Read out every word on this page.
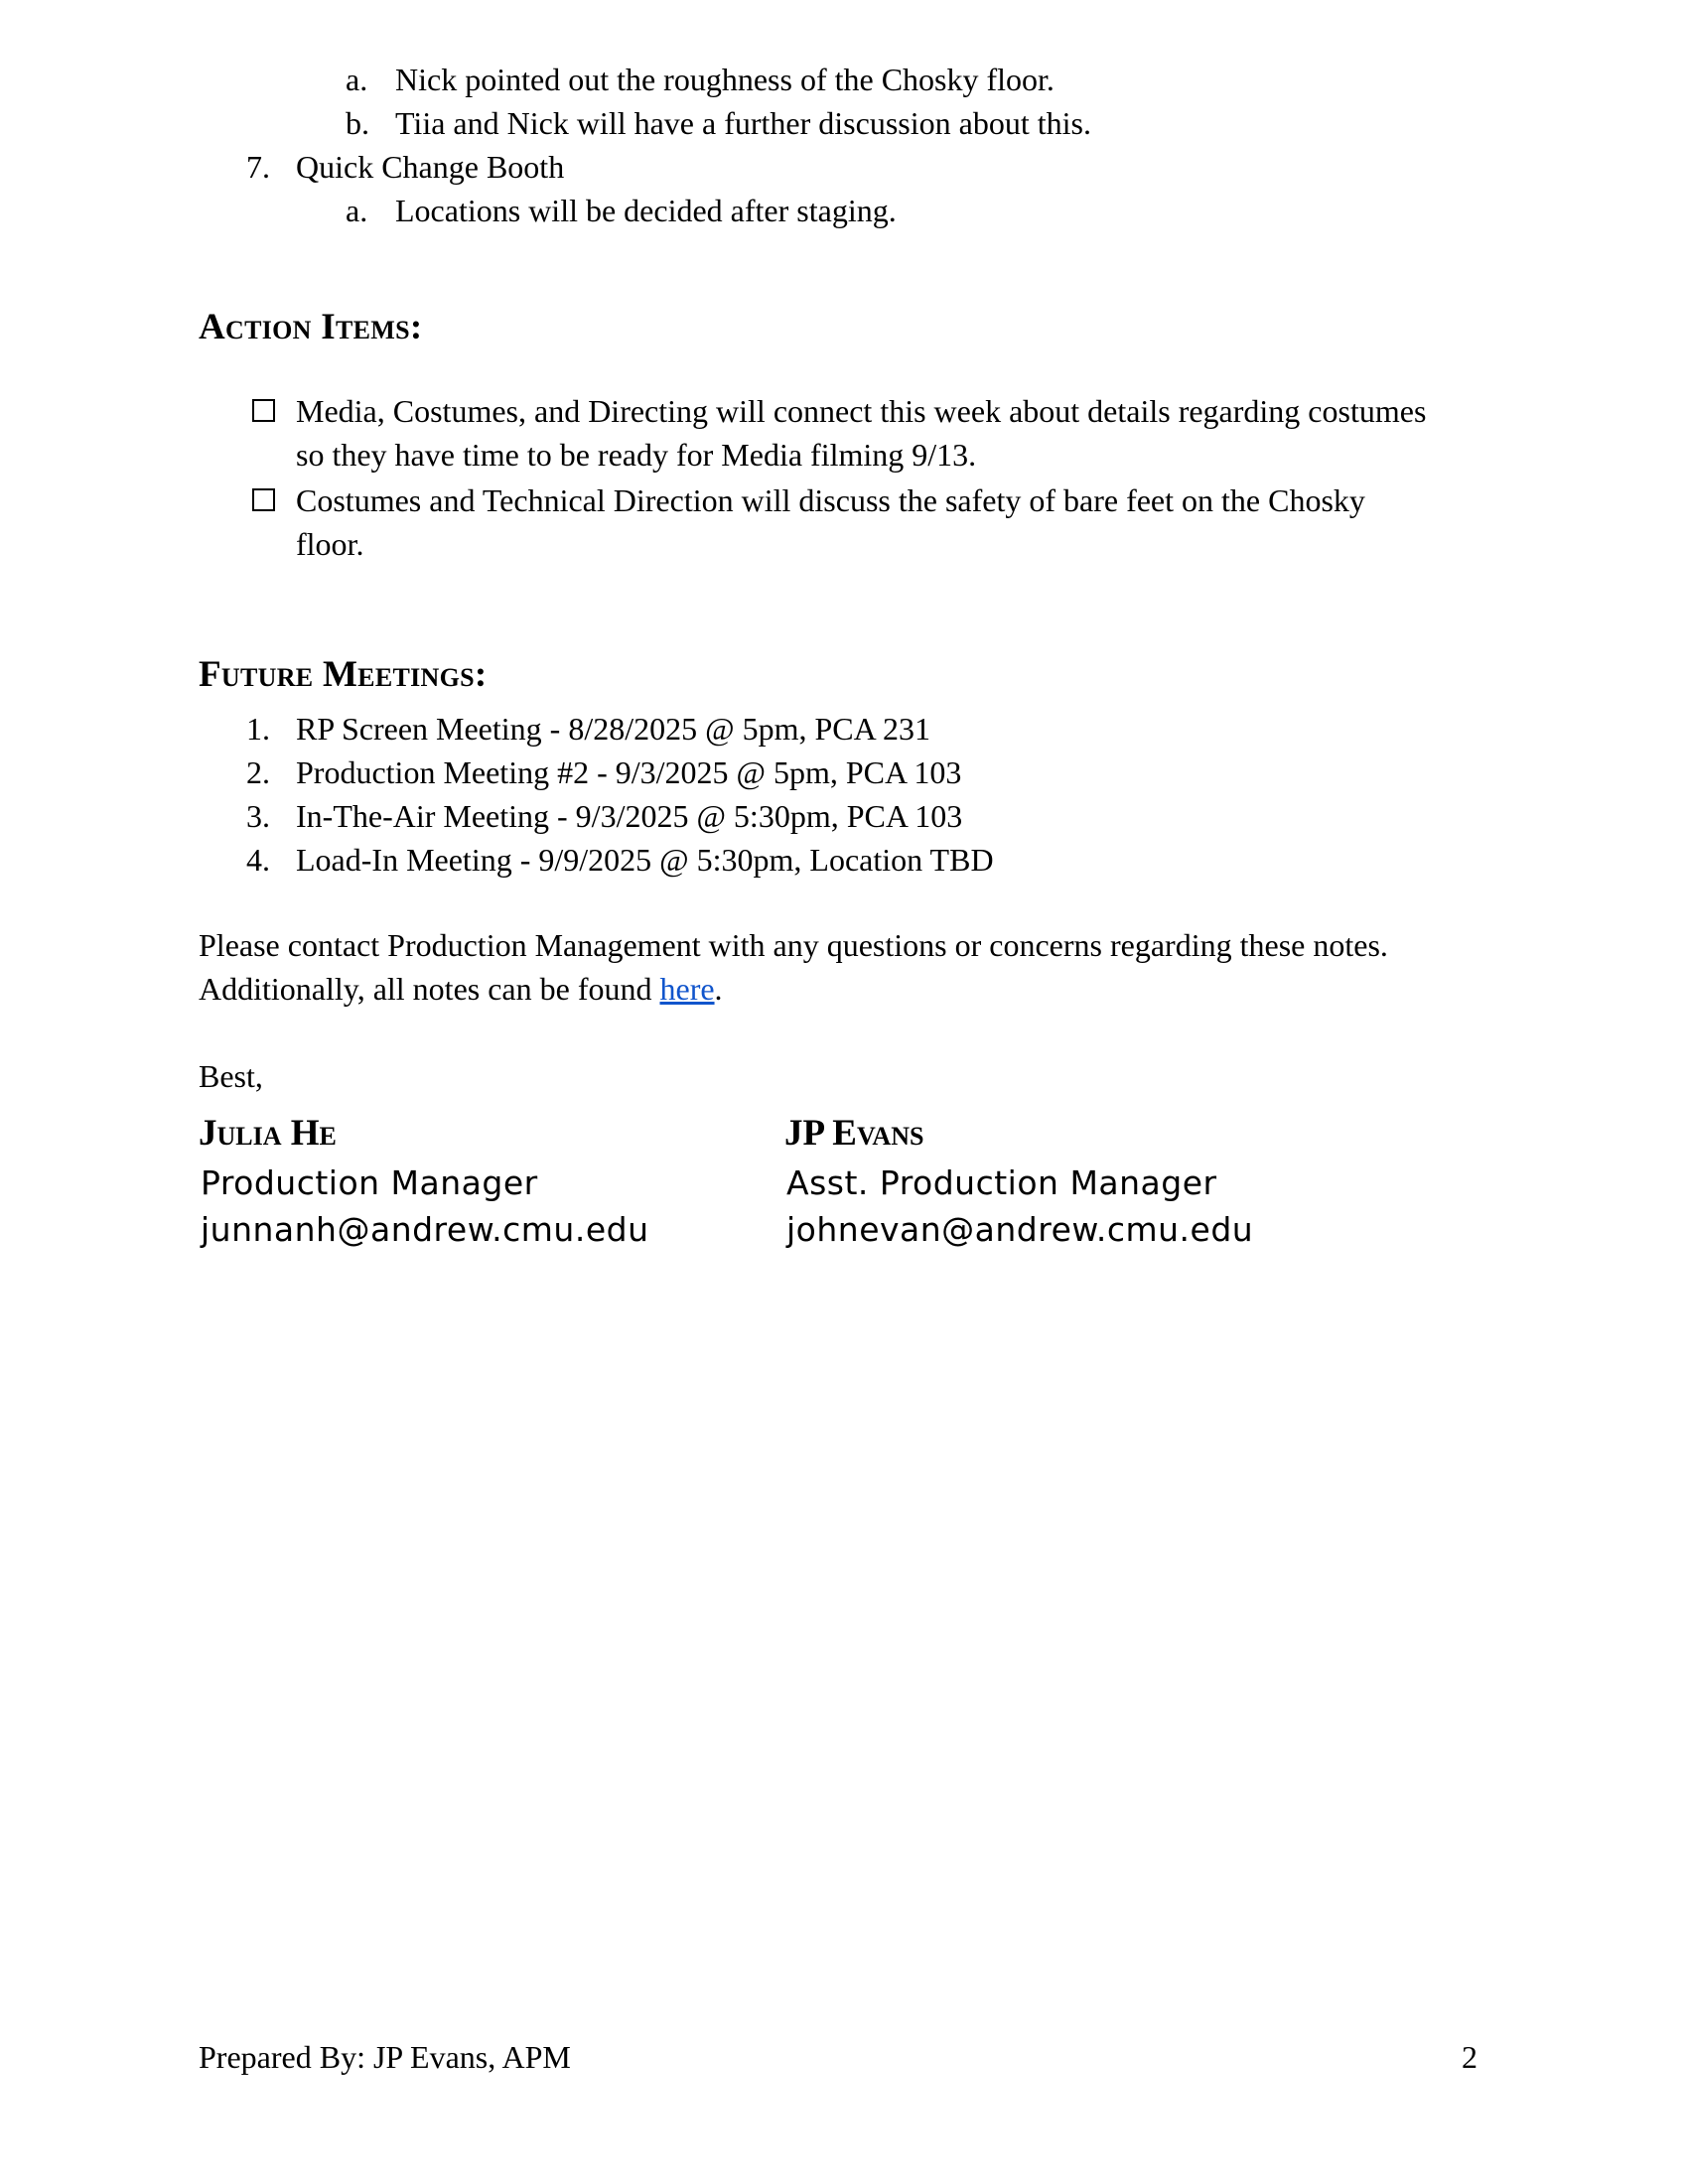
a. Nick pointed out the roughness of the Chosky floor.
b. Tiia and Nick will have a further discussion about this.
7. Quick Change Booth
a. Locations will be decided after staging.
Action Items:
Media, Costumes, and Directing will connect this week about details regarding costumes
so they have time to be ready for Media filming 9/13.
Costumes and Technical Direction will discuss the safety of bare feet on the Chosky
floor.
Future Meetings:
1. RP Screen Meeting - 8/28/2025 @ 5pm, PCA 231
2. Production Meeting #2 - 9/3/2025 @ 5pm, PCA 103
3. In-The-Air Meeting - 9/3/2025 @ 5:30pm, PCA 103
4. Load-In Meeting - 9/9/2025 @ 5:30pm, Location TBD
Please contact Production Management with any questions or concerns regarding these notes.
Additionally, all notes can be found here.
Best,
Julia He
Production Manager
junnanh@andrew.cmu.edu
JP Evans
Asst. Production Manager
johnevan@andrew.cmu.edu
Prepared By: JP Evans, APM	2
